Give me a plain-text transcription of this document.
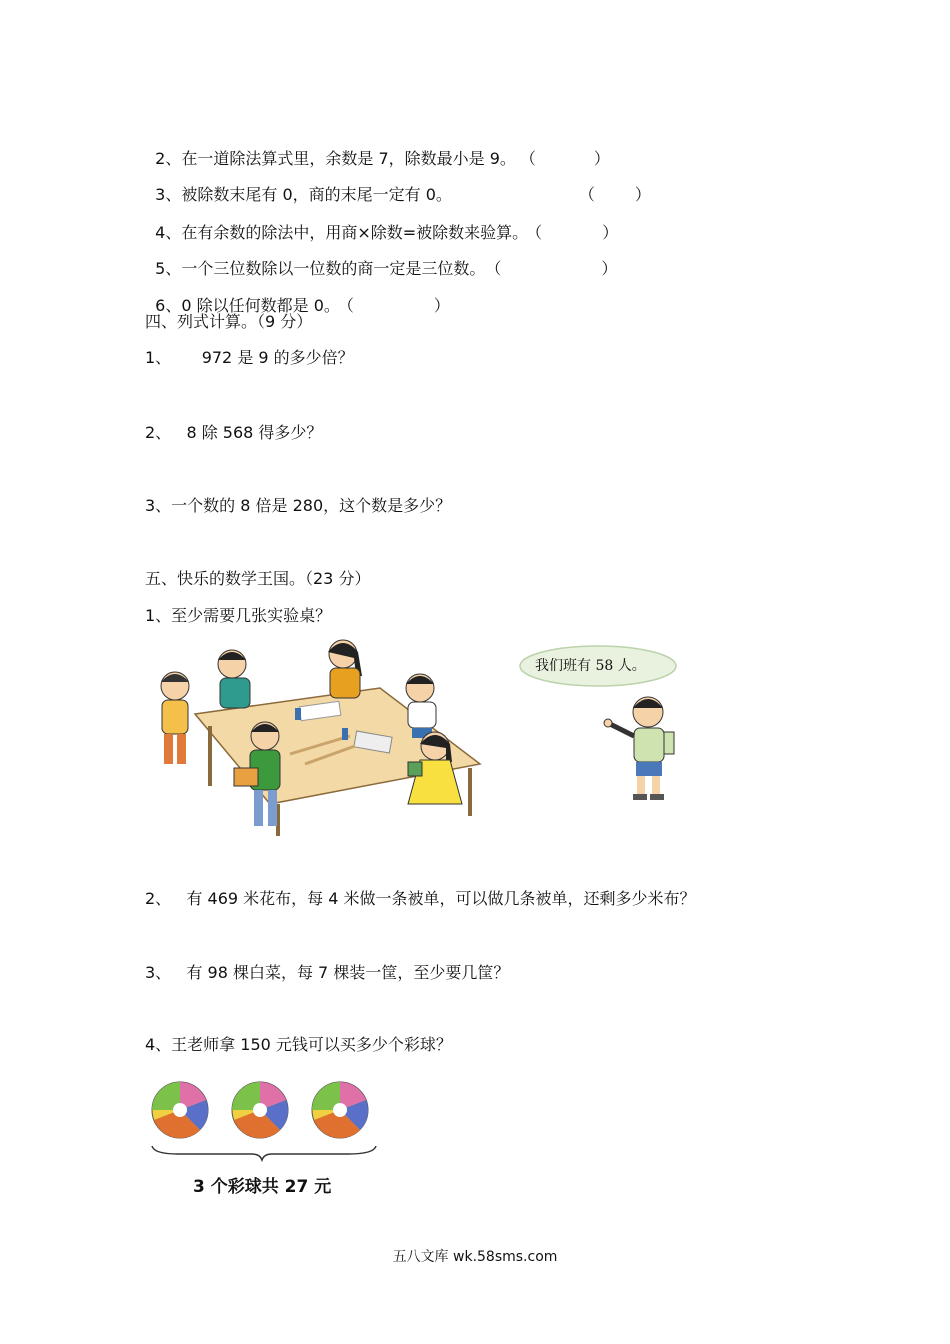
2、在一道除法算式里，余数是 7，除数最小是 9。 （	）

3、被除数末尾有 0，商的末尾一定有 0。	（	）

4、在有余数的除法中，用商×除数=被除数来验算。 （	）

5、一个三位数除以一位数的商一定是三位数。 （	）

6、0 除以任何数都是 0。 （	）

四、列式计算。（9 分）
1、      972 是 9 的多少倍？
2、   8 除 568 得多少？
3、一个数的 8 倍是 280，这个数是多少？
五、快乐的数学王国。（23 分）
1、至少需要几张实验桌？
我们班有 58 人。
2、   有 469 米花布，每 4 米做一条被单，可以做几条被单，还剩多少米布？
3、   有 98 棵白菜，每 7 棵装一筐，至少要几筐？
4、王老师拿 150 元钱可以买多少个彩球？
3 个彩球共 27 元
五八文库 wk.58sms.com
